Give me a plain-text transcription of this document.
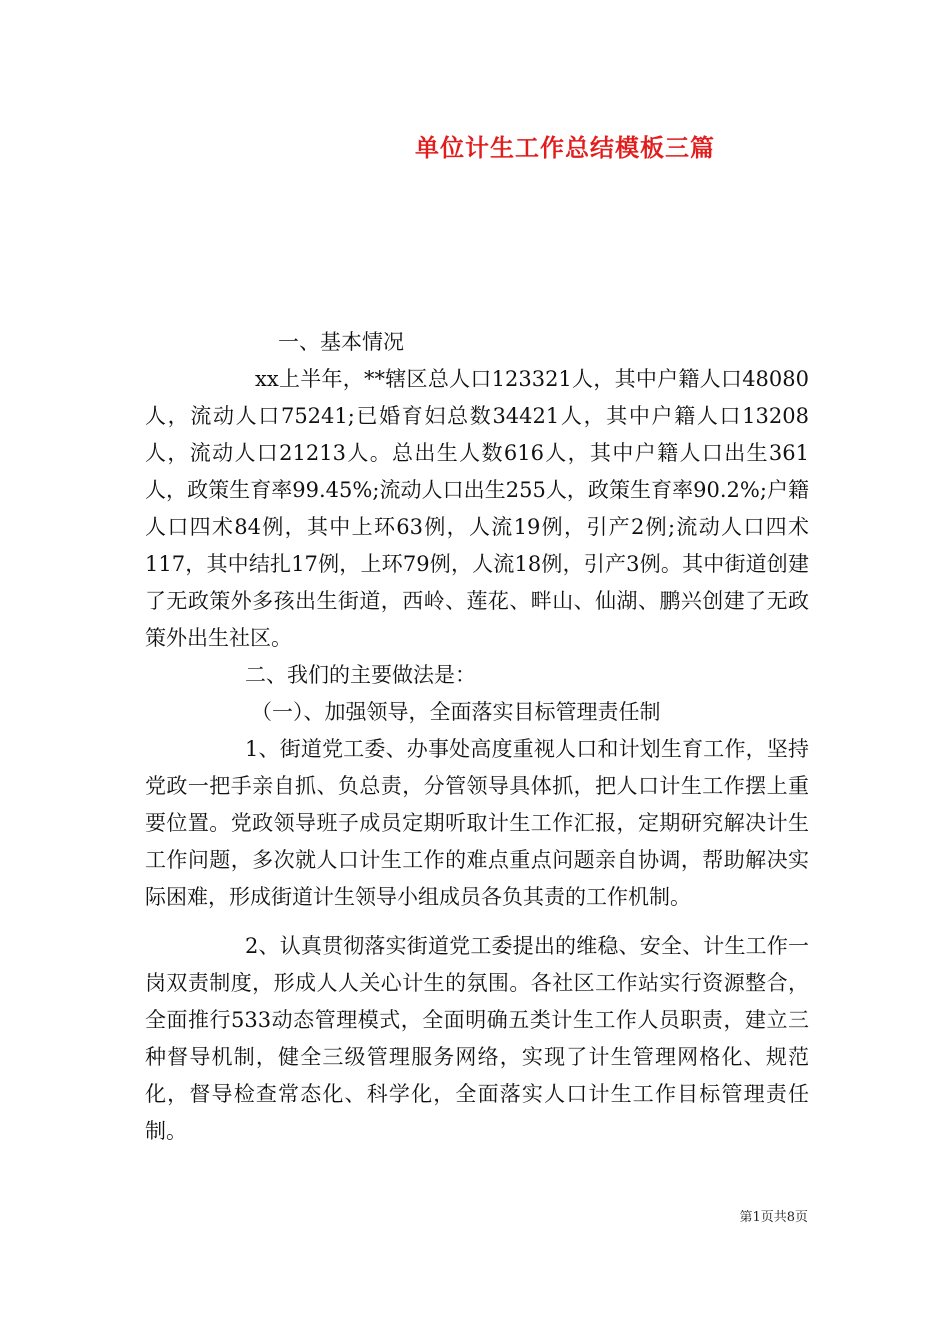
单位计生工作总结模板三篇

一、基本情况

xx上半年，**辖区总人口123321人，其中户籍人口48080人，流动人口75241;已婚育妇总数34421人，其中户籍人口13208人，流动人口21213人。总出生人数616人，其中户籍人口出生361人，政策生育率99.45%;流动人口出生255人，政策生育率90.2%;户籍人口四术84例，其中上环63例，人流19例，引产2例;流动人口四术117，其中结扎17例，上环79例，人流18例，引产3例。其中街道创建了无政策外多孩出生街道，西岭、莲花、畔山、仙湖、鹏兴创建了无政策外出生社区。

二、我们的主要做法是：

（一）、加强领导，全面落实目标管理责任制

1、街道党工委、办事处高度重视人口和计划生育工作，坚持党政一把手亲自抓、负总责，分管领导具体抓，把人口计生工作摆上重要位置。党政领导班子成员定期听取计生工作汇报，定期研究解决计生工作问题，多次就人口计生工作的难点重点问题亲自协调，帮助解决实际困难，形成街道计生领导小组成员各负其责的工作机制。

2、认真贯彻落实街道党工委提出的维稳、安全、计生工作一岗双责制度，形成人人关心计生的氛围。各社区工作站实行资源整合，全面推行533动态管理模式，全面明确五类计生工作人员职责，建立三种督导机制，健全三级管理服务网络，实现了计生管理网格化、规范化，督导检查常态化、科学化，全面落实人口计生工作目标管理责任制。

第1页共8页
